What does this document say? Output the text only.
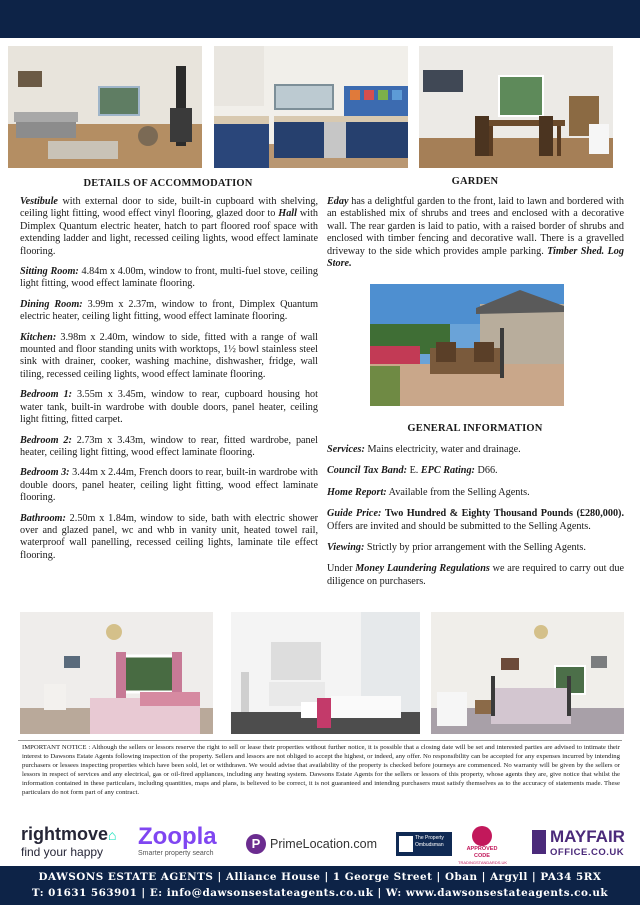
DETAILS OF ACCOMMODATION

Vestibule with external door to side, built-in cupboard with shelving, ceiling light fitting, wood effect vinyl flooring, glazed door to Hall with Dimplex Quantum electric heater, hatch to part floored roof space with extending ladder and light, recessed ceiling lights, wood effect laminate flooring.

Sitting Room: 4.84m x 4.00m, window to front, multi-fuel stove, ceiling light fitting, wood effect laminate flooring.

Dining Room: 3.99m x 2.37m, window to front, Dimplex Quantum electric heater, ceiling light fitting, wood effect laminate flooring.

Kitchen: 3.98m x 2.40m, window to side, fitted with a range of wall mounted and floor standing units with worktops, 1½ bowl stainless steel sink with drainer, cooker, washing machine, dishwasher, fridge, wall tiling, recessed ceiling lights, wood effect laminate flooring.

Bedroom 1: 3.55m x 3.45m, window to rear, cupboard housing hot water tank, built-in wardrobe with double doors, panel heater, ceiling light fitting, fitted carpet.

Bedroom 2: 2.73m x 3.43m, window to rear, fitted wardrobe, panel heater, ceiling light fitting, wood effect laminate flooring.

Bedroom 3: 3.44m x 2.44m, French doors to rear, built-in wardrobe with double doors, panel heater, ceiling light fitting, wood effect laminate flooring.

Bathroom: 2.50m x 1.84m, window to side, bath with electric shower over and glazed panel, wc and whb in vanity unit, heated towel rail, waterproof wall panelling, recessed ceiling lights, laminate tile effect flooring.

GARDEN

Eday has a delightful garden to the front, laid to lawn and bordered with an established mix of shrubs and trees and enclosed with a decorative wall. The rear garden is laid to patio, with a raised border of shrubs and enclosed with timber fencing and decorative wall. There is a gravelled driveway to the side which provides ample parking. Timber Shed. Log Store.

GENERAL INFORMATION

Services: Mains electricity, water and drainage.

Council Tax Band: E. EPC Rating: D66.

Home Report: Available from the Selling Agents.

Guide Price: Two Hundred & Eighty Thousand Pounds (£280,000). Offers are invited and should be submitted to the Selling Agents.

Viewing: Strictly by prior arrangement with the Selling Agents.

Under Money Laundering Regulations we are required to carry out due diligence on purchasers.

IMPORTANT NOTICE : Although the sellers or lessors reserve the right to sell or lease their properties without further notice, it is possible that a closing date will be set and interested parties are advised to intimate their interest to Dawsons Estate Agents following inspection of the property. Sellers and lessors are not obliged to accept the highest, or indeed, any offer. No responsibility can be accepted for any expenses incurred by intending purchasers or lessees inspecting properties which have been sold, let or withdrawn. We would advise that availability of the property is checked before journeys are commenced. No warranty will be given by the sellers or lessors in respect of services and any electrical, gas or oil-fired appliances, including any heating system. Dawsons Estate Agents for the sellers or lessors of this property, whose agents they are, give notice that whilst the information contained in these particulars, including quantities, maps and plans, is believed to be correct, it is not guaranteed and intending purchasers must satisfy themselves as to the accuracy of statements made. These particulars do not form part of any contract.
rightmove⌂
find your happy
Zoopla
Smarter property search
P PrimeLocation.com	The Property Ombudsman
APPROVED CODE
TRADINGSTANDARDS.UK
MAYFAIR
OFFICE.CO.UK
DAWSONS ESTATE AGENTS | Alliance House | 1 George Street | Oban | Argyll | PA34 5RX
T: 01631 563901 | E: info@dawsonsestateagents.co.uk | W: www.dawsonsestateagents.co.uk
